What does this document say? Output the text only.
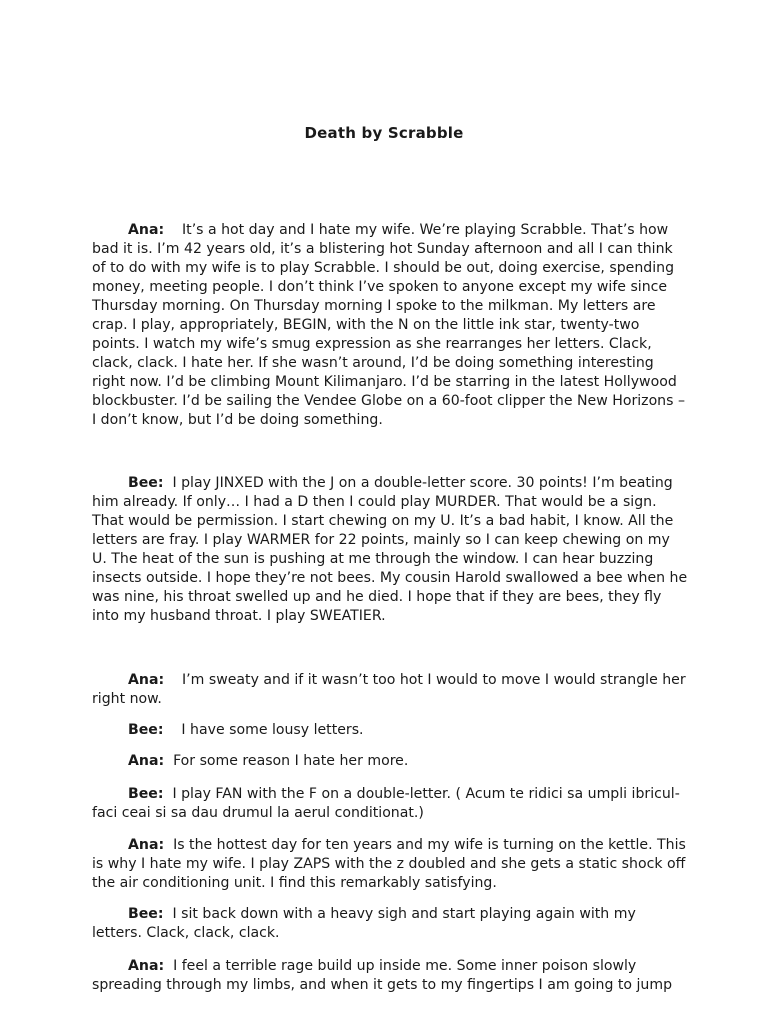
Death by Scrabble

Ana: It’s a hot day and I hate my wife. We’re playing Scrabble. That’s how bad it is. I’m 42 years old, it’s a blistering hot Sunday afternoon and all I can think of to do with my wife is to play Scrabble. I should be out, doing exercise, spending money, meeting people. I don’t think I’ve spoken to anyone except my wife since Thursday morning. On Thursday morning I spoke to the milkman. My letters are crap. I play, appropriately, BEGIN, with the N on the little ink star, twenty-two points. I watch my wife’s smug expression as she rearranges her letters. Clack, clack, clack. I hate her. If she wasn’t around, I’d be doing something interesting right now. I’d be climbing Mount Kilimanjaro. I’d be starring in the latest Hollywood blockbuster. I’d be sailing the Vendee Globe on a 60-foot clipper the New Horizons – I don’t know, but I’d be doing something.

Bee: I play JINXED with the J on a double-letter score. 30 points! I’m beating him already. If only… I had a D then I could play MURDER. That would be a sign. That would be permission. I start chewing on my U. It’s a bad habit, I know. All the letters are fray. I play WARMER for 22 points, mainly so I can keep chewing on my U. The heat of the sun is pushing at me through the window. I can hear buzzing insects outside. I hope they’re not bees. My cousin Harold swallowed a bee when he was nine, his throat swelled up and he died. I hope that if they are bees, they fly into my husband throat. I play SWEATIER.

Ana: I’m sweaty and if it wasn’t too hot I would to move I would strangle her right now.

Bee: I have some lousy letters.

Ana: For some reason I hate her more.

Bee: I play FAN with the F on a double-letter. ( Acum te ridici sa umpli ibricul-faci ceai si sa dau drumul la aerul conditionat.)

Ana: Is the hottest day for ten years and my wife is turning on the kettle. This is why I hate my wife. I play ZAPS with the z doubled and she gets a static shock off the air conditioning unit. I find this remarkably satisfying.

Bee: I sit back down with a heavy sigh and start playing again with my letters. Clack, clack, clack.

Ana: I feel a terrible rage build up inside me. Some inner poison slowly spreading through my limbs, and when it gets to my fingertips I am going to jump
